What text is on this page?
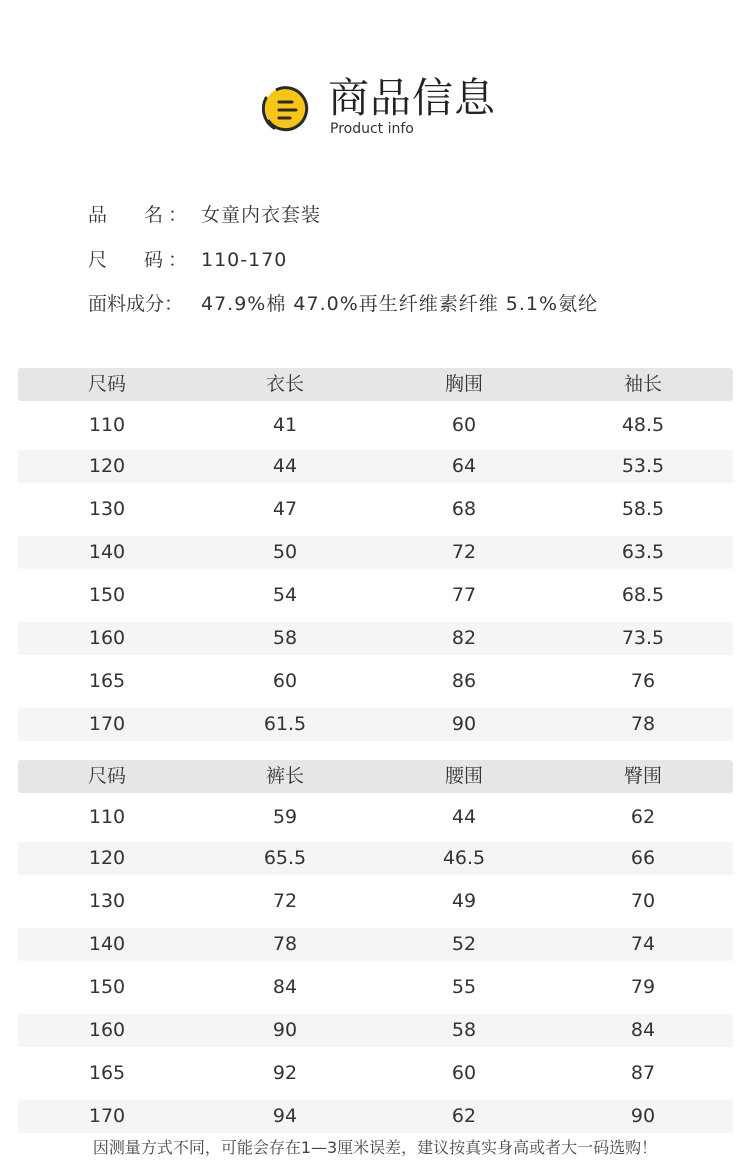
商品信息
Product info
品 名 ： 女童内衣套装
尺 码 ： 110-170
面料成分： 47.9%棉 47.0%再生纤维素纤维 5.1%氨纶
尺码	衣长	胸围	袖长
110	41	60	48.5
120	44	64	53.5
130	47	68	58.5
140	50	72	63.5
150	54	77	68.5
160	58	82	73.5
165	60	86	76
170	61.5	90	78
尺码	裤长	腰围	臀围
110	59	44	62
120	65.5	46.5	66
130	72	49	70
140	78	52	74
150	84	55	79
160	90	58	84
165	92	60	87
170	94	62	90
因测量方式不同，可能会存在1—3厘米误差，建议按真实身高或者大一码选购！
